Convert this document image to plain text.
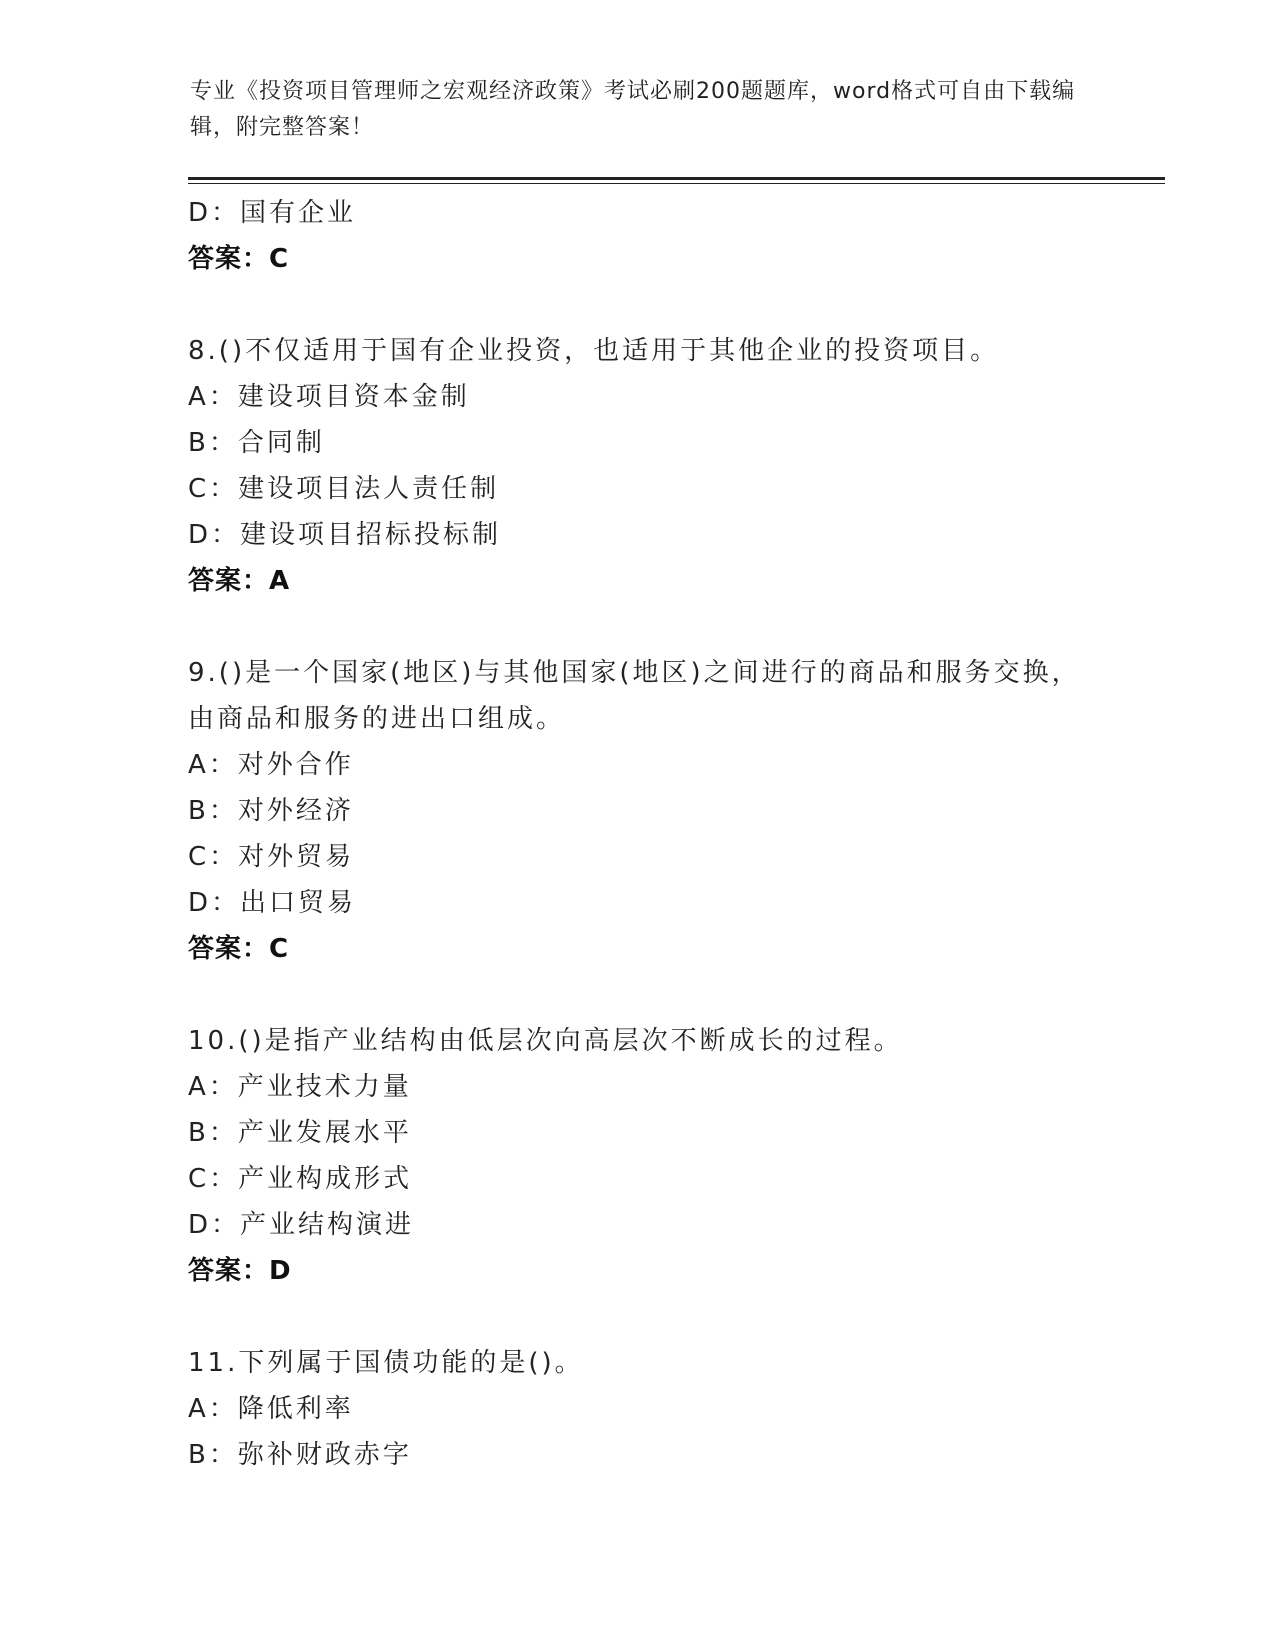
专业《投资项目管理师之宏观经济政策》考试必刷200题题库，word格式可自由下载编辑，附完整答案！
D：国有企业
答案：C
8.()不仅适用于国有企业投资，也适用于其他企业的投资项目。
A：建设项目资本金制
B：合同制
C：建设项目法人责任制
D：建设项目招标投标制
答案：A
9.()是一个国家(地区)与其他国家(地区)之间进行的商品和服务交换，由商品和服务的进出口组成。
A：对外合作
B：对外经济
C：对外贸易
D：出口贸易
答案：C
10.()是指产业结构由低层次向高层次不断成长的过程。
A：产业技术力量
B：产业发展水平
C：产业构成形式
D：产业结构演进
答案：D
11.下列属于国债功能的是()。
A：降低利率
B：弥补财政赤字
